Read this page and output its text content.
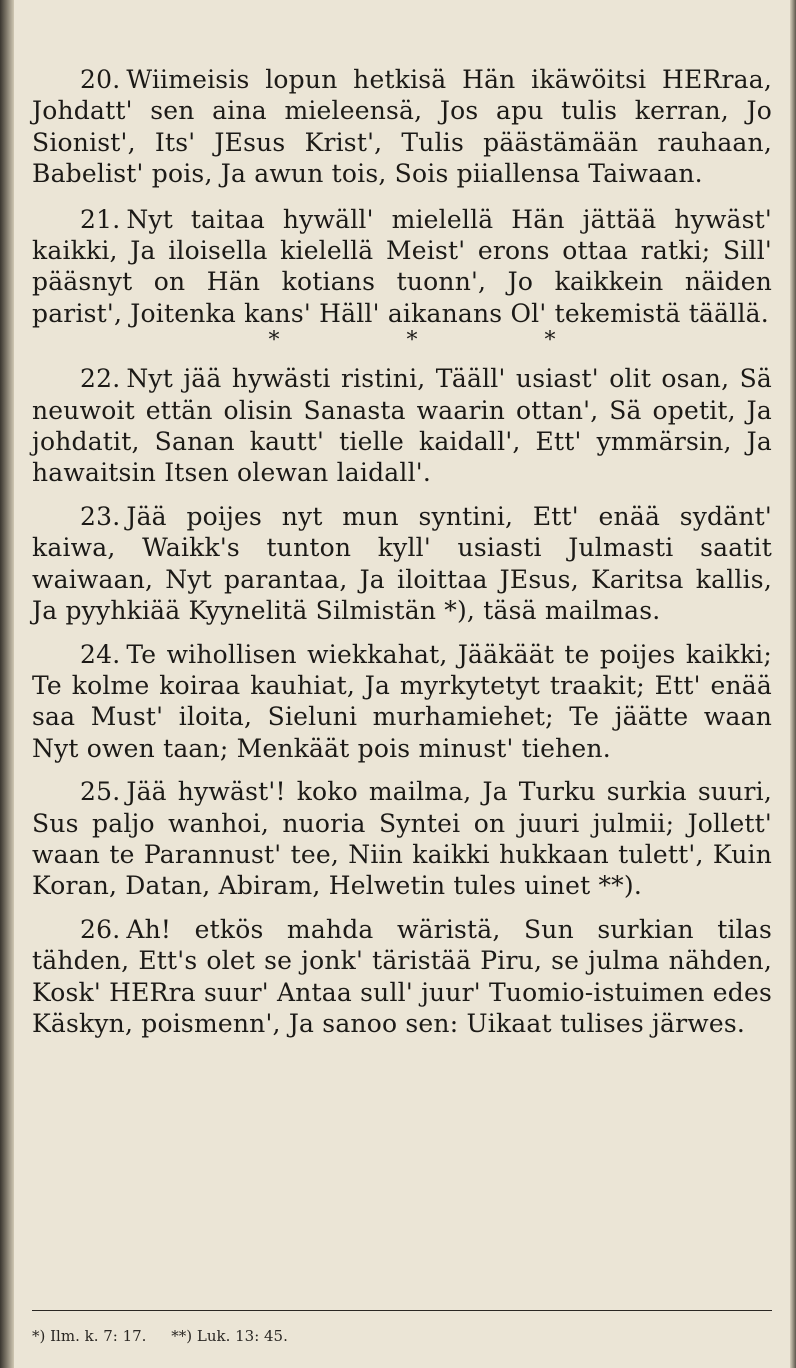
20. Wiimeisis lopun hetkisä Hän ikäwöitsi HERraa, Johdatt' sen aina mieleensä, Jos apu tulis kerran, Jo Sionist', Its' JEsus Krist', Tulis päästämään rauhaan, Babelist' pois, Ja awun tois, Sois piiallensa Taiwaan.

21. Nyt taitaa hywäll' mielellä Hän jättää hywäst' kaikki, Ja iloisella kielellä Meist' erons ottaa ratki; Sill' pääsnyt on Hän kotians tuonn', Jo kaikkein näiden parist', Joitenka kans' Häll' aikanans Ol' tekemistä täällä.

* * *

22. Nyt jää hywästi ristini, Tääll' usiast' olit osan, Sä neuwoit ettän olisin Sanasta waarin ottan', Sä opetit, Ja johdatit, Sanan kautt' tielle kaidall', Ett' ymmärsin, Ja hawaitsin Itsen olewan laidall'.

23. Jää poijes nyt mun syntini, Ett' enää sydänt' kaiwa, Waikk's tunton kyll' usiasti Julmasti saatit waiwaan, Nyt parantaa, Ja iloittaa JEsus, Karitsa kallis, Ja pyyhkiää Kyynelitä Silmistän *), täsä mailmas.

24. Te wihollisen wiekkahat, Jääkäät te poijes kaikki; Te kolme koiraa kauhiat, Ja myrkytetyt traakit; Ett' enää saa Must' iloita, Sieluni murhamiehet; Te jäätte waan Nyt owen taan; Menkäät pois minust' tiehen.

25. Jää hywäst'! koko mailma, Ja Turku surkia suuri, Sus paljo wanhoi, nuoria Syntei on juuri julmii; Jollett' waan te Parannust' tee, Niin kaikki hukkaan tulett', Kuin Koran, Datan, Abiram, Helwetin tules uinet **).

26. Ah! etkös mahda wäristä, Sun surkian tilas tähden, Ett's olet se jonk' täristää Piru, se julma nähden, Kosk' HERra suur' Antaa sull' juur' Tuomio-istuimen edes Käskyn, poismenn', Ja sanoo sen: Uikaat tulises järwes.

*) Ilm. k. 7: 17. **) Luk. 13: 45.
